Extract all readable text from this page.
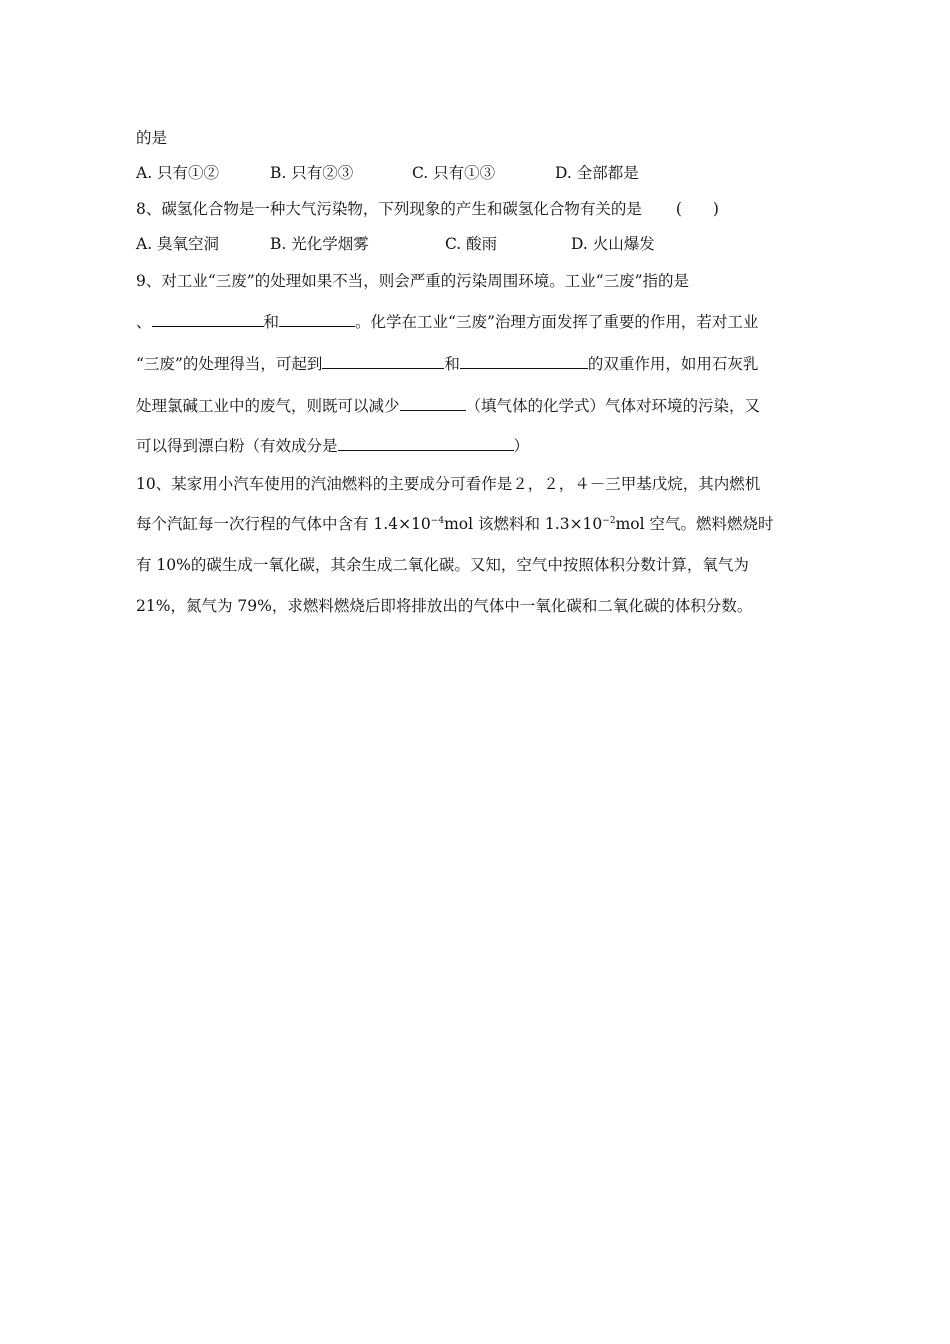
的是
A. 只有①②	B. 只有②③	C. 只有①③	D. 全部都是
8、碳氢化合物是一种大气污染物，下列现象的产生和碳氢化合物有关的是 (　　)
A. 臭氧空洞	B. 光化学烟雾	C. 酸雨	D. 火山爆发
9、对工业“三废”的处理如果不当，则会严重的污染周围环境。工业“三废”指的是
、	和	。化学在工业“三废”治理方面发挥了重要的作用，若对工业
“三废”的处理得当，可起到	和	的双重作用，如用石灰乳
处理氯碱工业中的废气，则既可以减少	（填气体的化学式）气体对环境的污染，又
可以得到漂白粉（有效成分是	）
10、某家用小汽车使用的汽油燃料的主要成分可看作是２，２，４－三甲基戊烷，其内燃机
每个汽缸每一次行程的气体中含有 $1.4\times 10^{-4}mol$ 该燃料和 $1.3\times 10^{-2}mol$ 空气。燃料燃烧时
有 10%的碳生成一氧化碳，其余生成二氧化碳。又知，空气中按照体积分数计算，氧气为
21%，氮气为 79%，求燃料燃烧后即将排放出的气体中一氧化碳和二氧化碳的体积分数。
